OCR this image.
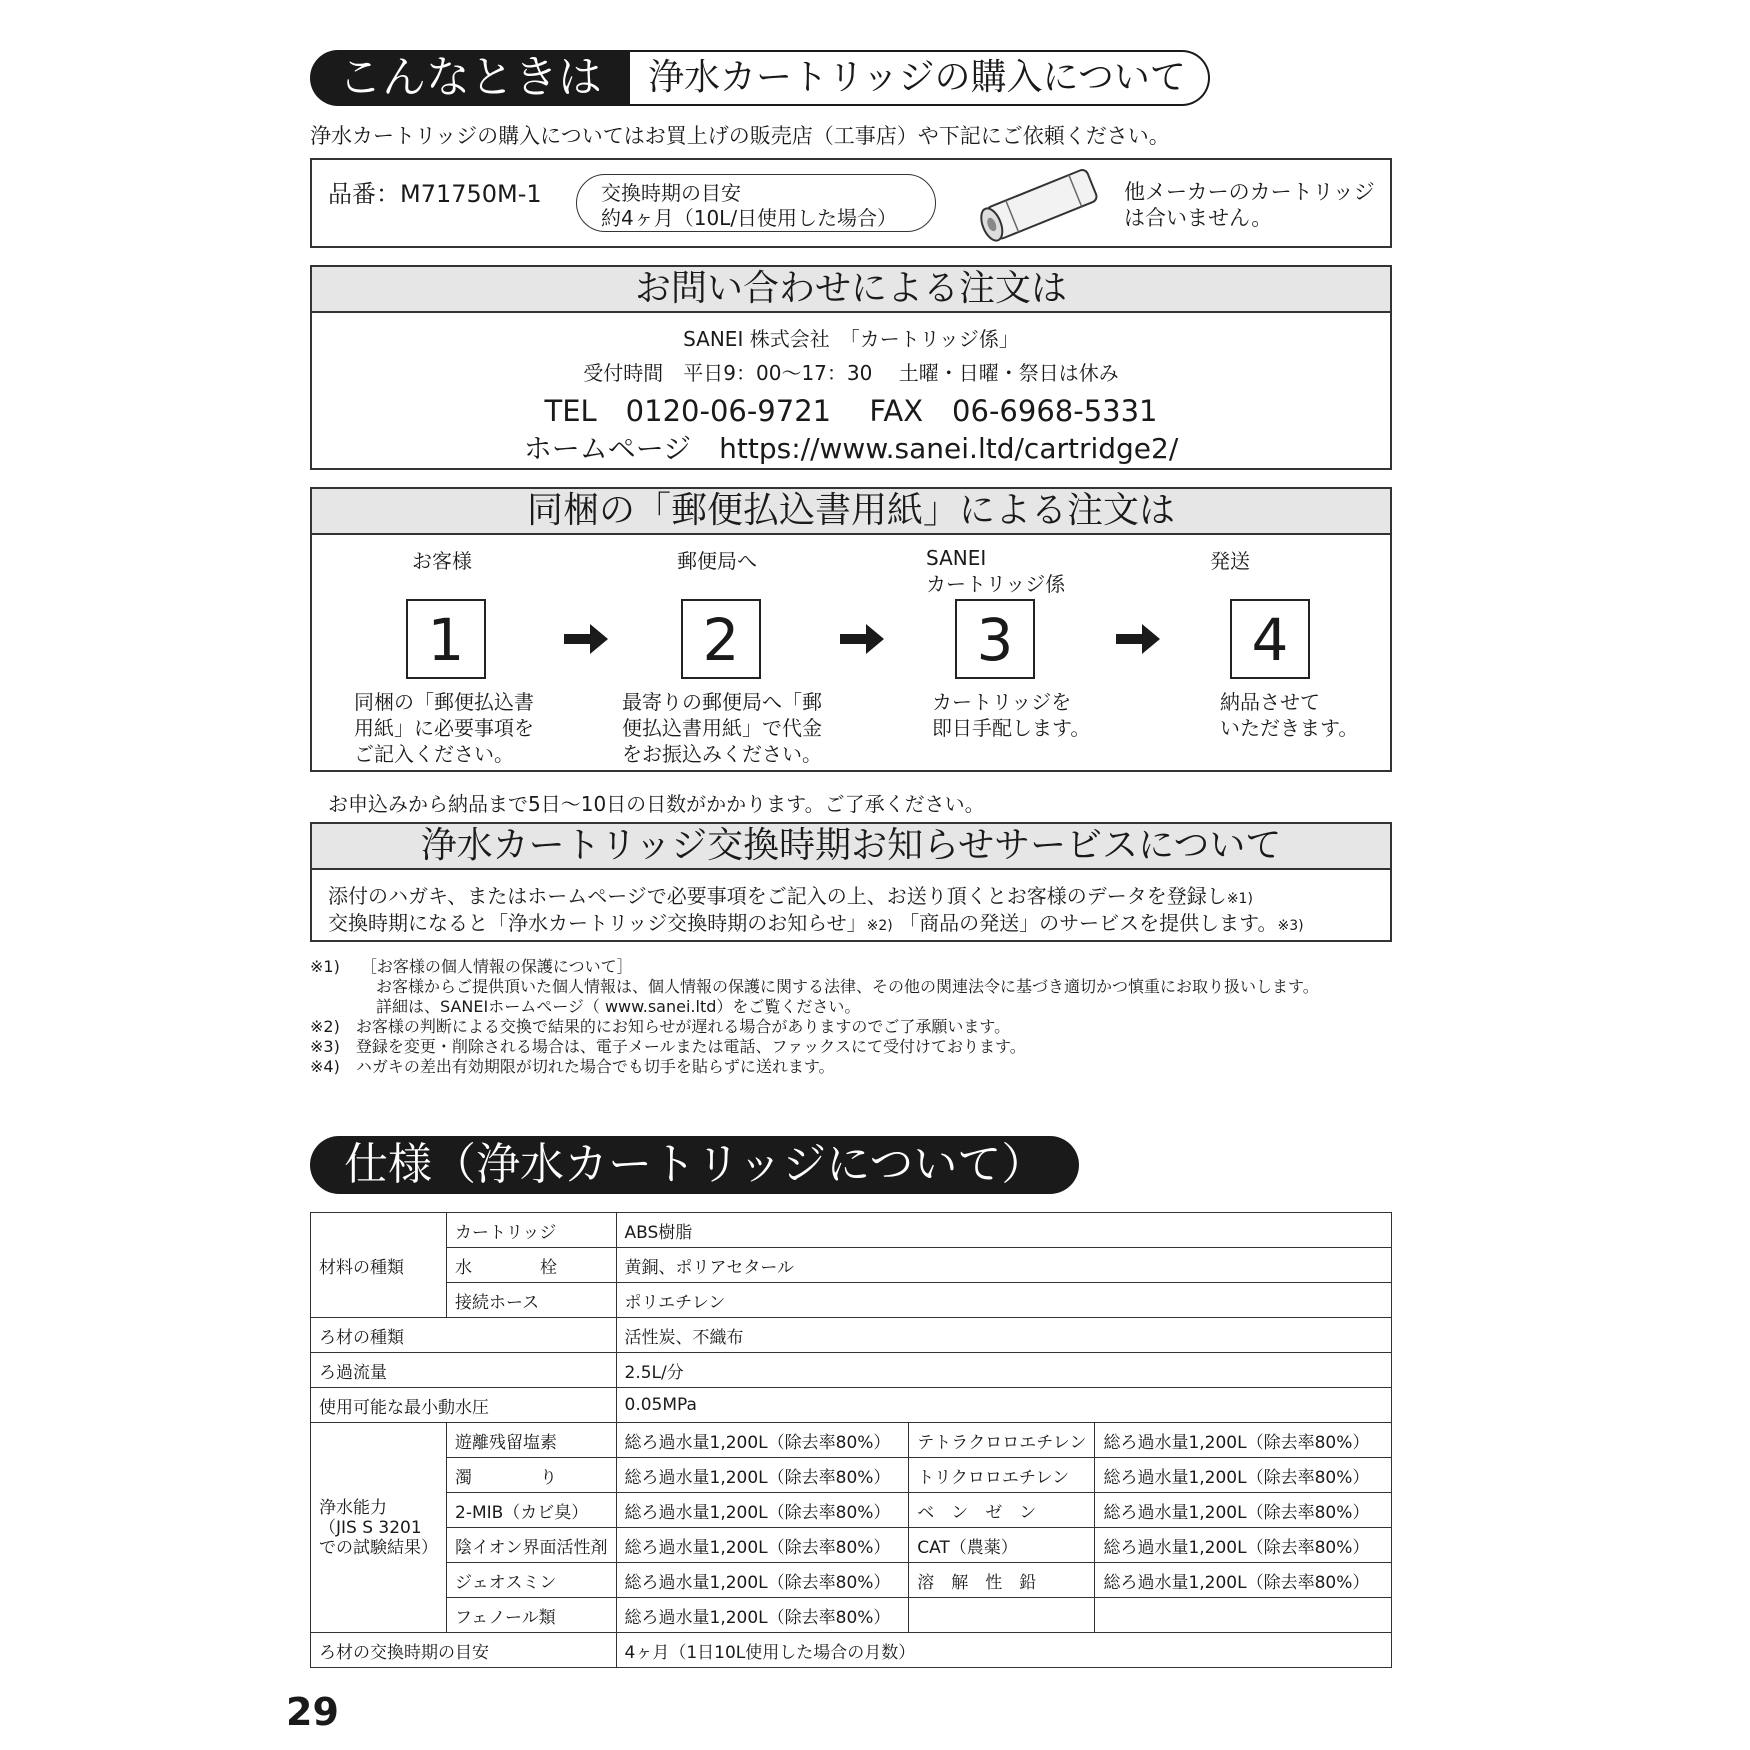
こんなときは	浄水カートリッジの購入について
浄水カートリッジの購入についてはお買上げの販売店（工事店）や下記にご依頼ください。
品番：M71750M-1	交換時期の目安
約4ヶ月（10L/日使用した場合）
他メーカーのカートリッジ
は合いません。
お問い合わせによる注文は
SANEI 株式会社　「カートリッジ係」
受付時間　平日9：00～17：30　 土曜・日曜・祭日は休み
TEL　0120-06-9721　 FAX　06-6968-5331
ホームページ　https://www.sanei.ltd/cartridge2/
同梱の「郵便払込書用紙」による注文は
お客様
1
同梱の「郵便払込書
用紙」に必要事項を
ご記入ください。
郵便局へ
2
最寄りの郵便局へ「郵
便払込書用紙」で代金
をお振込みください。
SANEI
カートリッジ係
3
カートリッジを
即日手配します。
発送
4
納品させて
いただきます。
お申込みから納品まで5日～10日の日数がかかります。ご了承ください。
浄水カートリッジ交換時期お知らせサービスについて
添付のハガキ、またはホームページで必要事項をご記入の上、お送り頂くとお客様のデータを登録し※1)
交換時期になると「浄水カートリッジ交換時期のお知らせ」※2) 「商品の発送」のサービスを提供します。※3)
※1)　 ［お客様の個人情報の保護について］
お客様からご提供頂いた個人情報は、個人情報の保護に関する法律、その他の関連法令に基づき適切かつ慎重にお取り扱いします。
詳細は、SANEIホームページ（ www.sanei.ltd）をご覧ください。
※2)　お客様の判断による交換で結果的にお知らせが遅れる場合がありますのでご了承願います。
※3)　登録を変更・削除される場合は、電子メールまたは電話、ファックスにて受付けております。
※4)　ハガキの差出有効期限が切れた場合でも切手を貼らずに送れます。
仕様（浄水カートリッジについて）
材料の種類	カートリッジ	ABS樹脂		
	水　　　　栓	黄銅、ポリアセタール		
	接続ホース	ポリエチレン		
ろ材の種類		活性炭、不織布		
ろ過流量		2.5L/分		
使用可能な最小動水圧		0.05MPa		

浄水能力
（JIS S 3201
での試験結果）	遊離残留塩素	総ろ過水量1,200L（除去率80%）	テトラクロロエチレン	総ろ過水量1,200L（除去率80%）
	濁　　　　り	総ろ過水量1,200L（除去率80%）	トリクロロエチレン	総ろ過水量1,200L（除去率80%）
	2-MIB（カビ臭）	総ろ過水量1,200L（除去率80%）	ベ　ン　ゼ　ン	総ろ過水量1,200L（除去率80%）
	陰イオン界面活性剤	総ろ過水量1,200L（除去率80%）	CAT（農薬）	総ろ過水量1,200L（除去率80%）
	ジェオスミン	総ろ過水量1,200L（除去率80%）	溶　解　性　鉛	総ろ過水量1,200L（除去率80%）
	フェノール類	総ろ過水量1,200L（除去率80%）		
ろ材の交換時期の目安		4ヶ月（1日10L使用した場合の月数）		
29
